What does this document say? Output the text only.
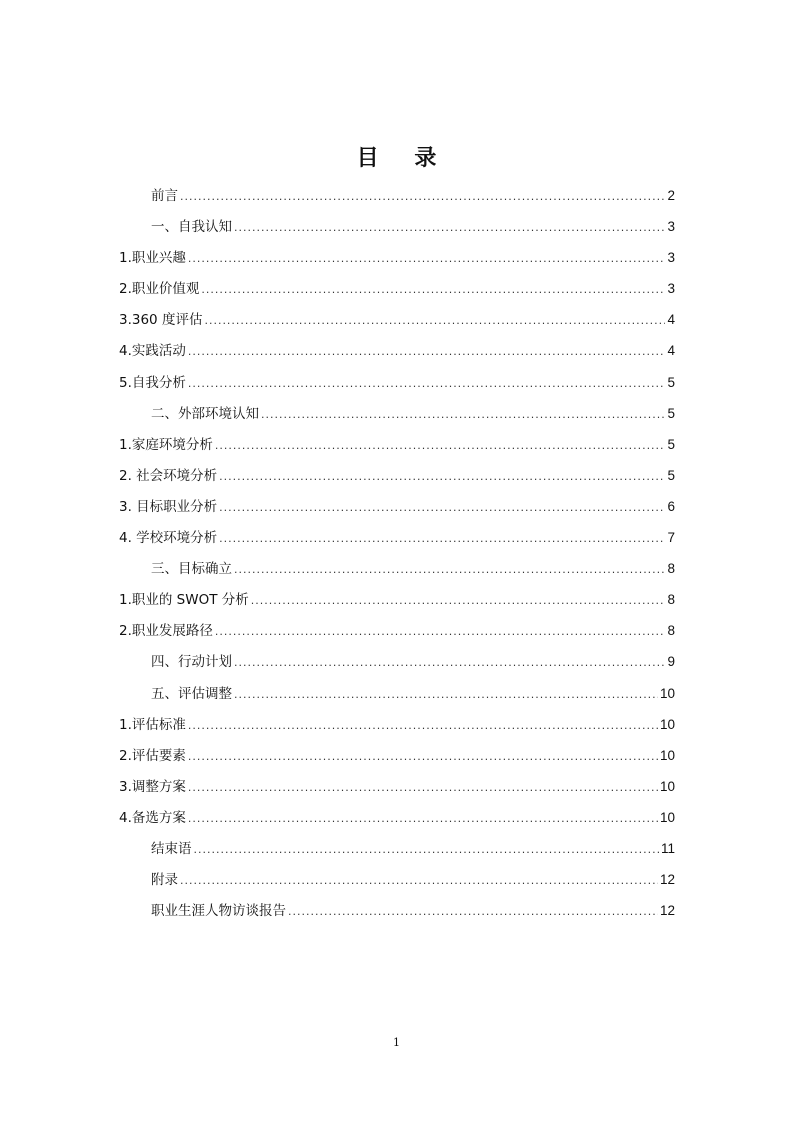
目 录
前言 .....	2
一、自我认知 .....	3
1.职业兴趣 .....	3
2.职业价值观 .....	3
3.360 度评估 .....	4
4.实践活动 .....	4
5.自我分析 .....	5
二、外部环境认知 .....	5
1.家庭环境分析 .....	5
2. 社会环境分析 .....	5
3. 目标职业分析 .....	6
4. 学校环境分析 .....	7
三、目标确立 .....	8
1.职业的 SWOT 分析 .....	8
2.职业发展路径 .....	8
四、行动计划 .....	9
五、评估调整 .....	10
1.评估标准 .....	10
2.评估要素 .....	10
3.调整方案 .....	10
4.备选方案 .....	10
结束语 .....	11
附录 .....	12
职业生涯人物访谈报告 .....	12
1
